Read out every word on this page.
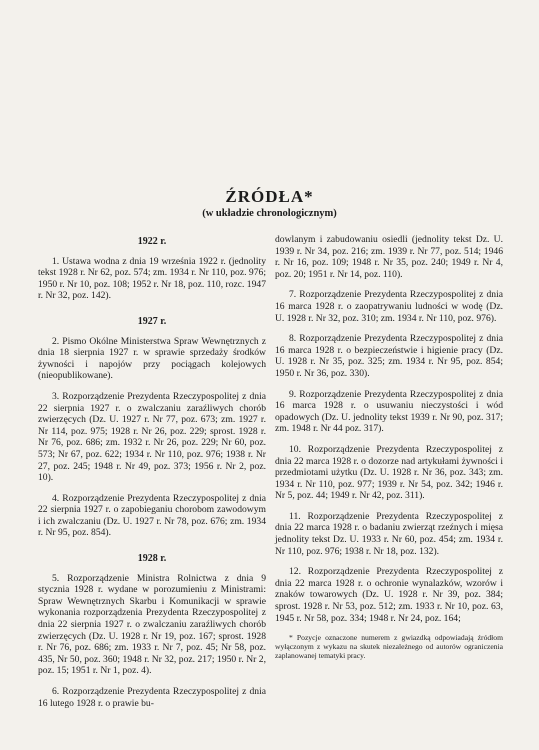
ŹRÓDŁA*
(w układzie chronologicznym)
1922 r.

1. Ustawa wodna z dnia 19 września 1922 r. (jednolity tekst 1928 r. Nr 62, poz. 574; zm. 1934 r. Nr 110, poz. 976; 1950 r. Nr 10, poz. 108; 1952 r. Nr 18, poz. 110, rozc. 1947 r. Nr 32, poz. 142).

1927 r.

2. Pismo Okólne Ministerstwa Spraw Wewnętrznych z dnia 18 sierpnia 1927 r. w sprawie sprzedaży środków żywności i napojów przy pociągach kolejowych (nieopublikowane).

3. Rozporządzenie Prezydenta Rzeczypospolitej z dnia 22 sierpnia 1927 r. o zwalczaniu zaraźliwych chorób zwierzęcych (Dz. U. 1927 r. Nr 77, poz. 673; zm. 1927 r. Nr 114, poz. 975; 1928 r. Nr 26, poz. 229; sprost. 1928 r. Nr 76, poz. 686; zm. 1932 r. Nr 26, poz. 229; Nr 60, poz. 573; Nr 67, poz. 622; 1934 r. Nr 110, poz. 976; 1938 r. Nr 27, poz. 245; 1948 r. Nr 49, poz. 373; 1956 r. Nr 2, poz. 10).

4. Rozporządzenie Prezydenta Rzeczypospolitej z dnia 22 sierpnia 1927 r. o zapobieganiu chorobom zawodowym i ich zwalczaniu (Dz. U. 1927 r. Nr 78, poz. 676; zm. 1934 r. Nr 95, poz. 854).

1928 r.

5. Rozporządzenie Ministra Rolnictwa z dnia 9 stycznia 1928 r. wydane w porozumieniu z Ministrami: Spraw Wewnętrznych Skarbu i Komunikacji w sprawie wykonania rozporządzenia Prezydenta Rzeczypospolitej z dnia 22 sierpnia 1927 r. o zwalczaniu zaraźliwych chorób zwierzęcych (Dz. U. 1928 r. Nr 19, poz. 167; sprost. 1928 r. Nr 76, poz. 686; zm. 1933 r. Nr 7, poz. 45; Nr 58, poz. 435, Nr 50, poz. 360; 1948 r. Nr 32, poz. 217; 1950 r. Nr 2, poz. 15; 1951 r. Nr 1, poz. 4).

6. Rozporządzenie Prezydenta Rzeczypospolitej z dnia 16 lutego 1928 r. o prawie bu-

dowlanym i zabudowaniu osiedli (jednolity tekst Dz. U. 1939 r. Nr 34, poz. 216; zm. 1939 r. Nr 77, poz. 514; 1946 r. Nr 16, poz. 109; 1948 r. Nr 35, poz. 240; 1949 r. Nr 4, poz. 20; 1951 r. Nr 14, poz. 110).

7. Rozporządzenie Prezydenta Rzeczypospolitej z dnia 16 marca 1928 r. o zaopatrywaniu ludności w wodę (Dz. U. 1928 r. Nr 32, poz. 310; zm. 1934 r. Nr 110, poz. 976).

8. Rozporządzenie Prezydenta Rzeczypospolitej z dnia 16 marca 1928 r. o bezpieczeństwie i higienie pracy (Dz. U. 1928 r. Nr 35, poz. 325; zm. 1934 r. Nr 95, poz. 854; 1950 r. Nr 36, poz. 330).

9. Rozporządzenie Prezydenta Rzeczypospolitej z dnia 16 marca 1928 r. o usuwaniu nieczystości i wód opadowych (Dz. U. jednolity tekst 1939 r. Nr 90, poz. 317; zm. 1948 r. Nr 44 poz. 317).

10. Rozporządzenie Prezydenta Rzeczypospolitej z dnia 22 marca 1928 r. o dozorze nad artykułami żywności i przedmiotami użytku (Dz. U. 1928 r. Nr 36, poz. 343; zm. 1934 r. Nr 110, poz. 977; 1939 r. Nr 54, poz. 342; 1946 r. Nr 5, poz. 44; 1949 r. Nr 42, poz. 311).

11. Rozporządzenie Prezydenta Rzeczypospolitej z dnia 22 marca 1928 r. o badaniu zwierząt rzeźnych i mięsa jednolity tekst Dz. U. 1933 r. Nr 60, poz. 454; zm. 1934 r. Nr 110, poz. 976; 1938 r. Nr 18, poz. 132).

12. Rozporządzenie Prezydenta Rzeczypospolitej z dnia 22 marca 1928 r. o ochronie wynalazków, wzorów i znaków towarowych (Dz. U. 1928 r. Nr 39, poz. 384; sprost. 1928 r. Nr 53, poz. 512; zm. 1933 r. Nr 10, poz. 63, 1945 r. Nr 58, poz. 334; 1948 r. Nr 24, poz. 164;

* Pozycje oznaczone numerem z gwiazdką odpowiadają źródłom wyłączonym z wykazu na skutek niezależnego od autorów ograniczenia zaplanowanej tematyki pracy.
